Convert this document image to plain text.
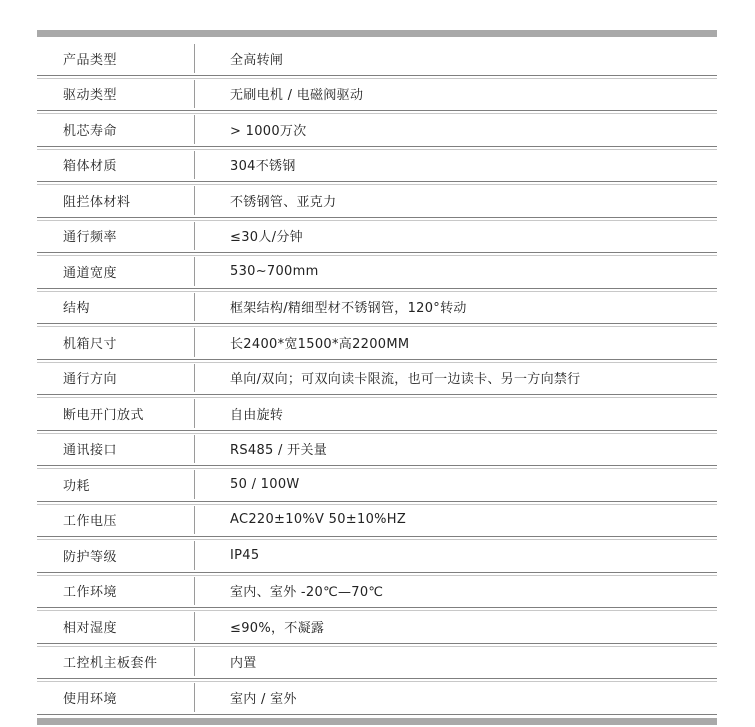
产品类型	全高转闸
驱动类型	无刷电机 / 电磁阀驱动
机芯寿命	> 1000万次
箱体材质	304不锈钢
阻拦体材料	不锈钢管、亚克力
通行频率	≤30人/分钟
通道宽度	530~700mm
结构	框架结构/精细型材不锈钢管，120°转动
机箱尺寸	长2400*宽1500*高2200MM
通行方向	单向/双向；可双向读卡限流，也可一边读卡、另一方向禁行
断电开门放式	自由旋转
通讯接口	RS485 / 开关量
功耗	50 / 100W
工作电压	AC220±10%V 50±10%HZ
防护等级	IP45
工作环境	室内、室外 -20℃—70℃
相对湿度	≤90%，不凝露
工控机主板套件	内置
使用环境	室内 / 室外
